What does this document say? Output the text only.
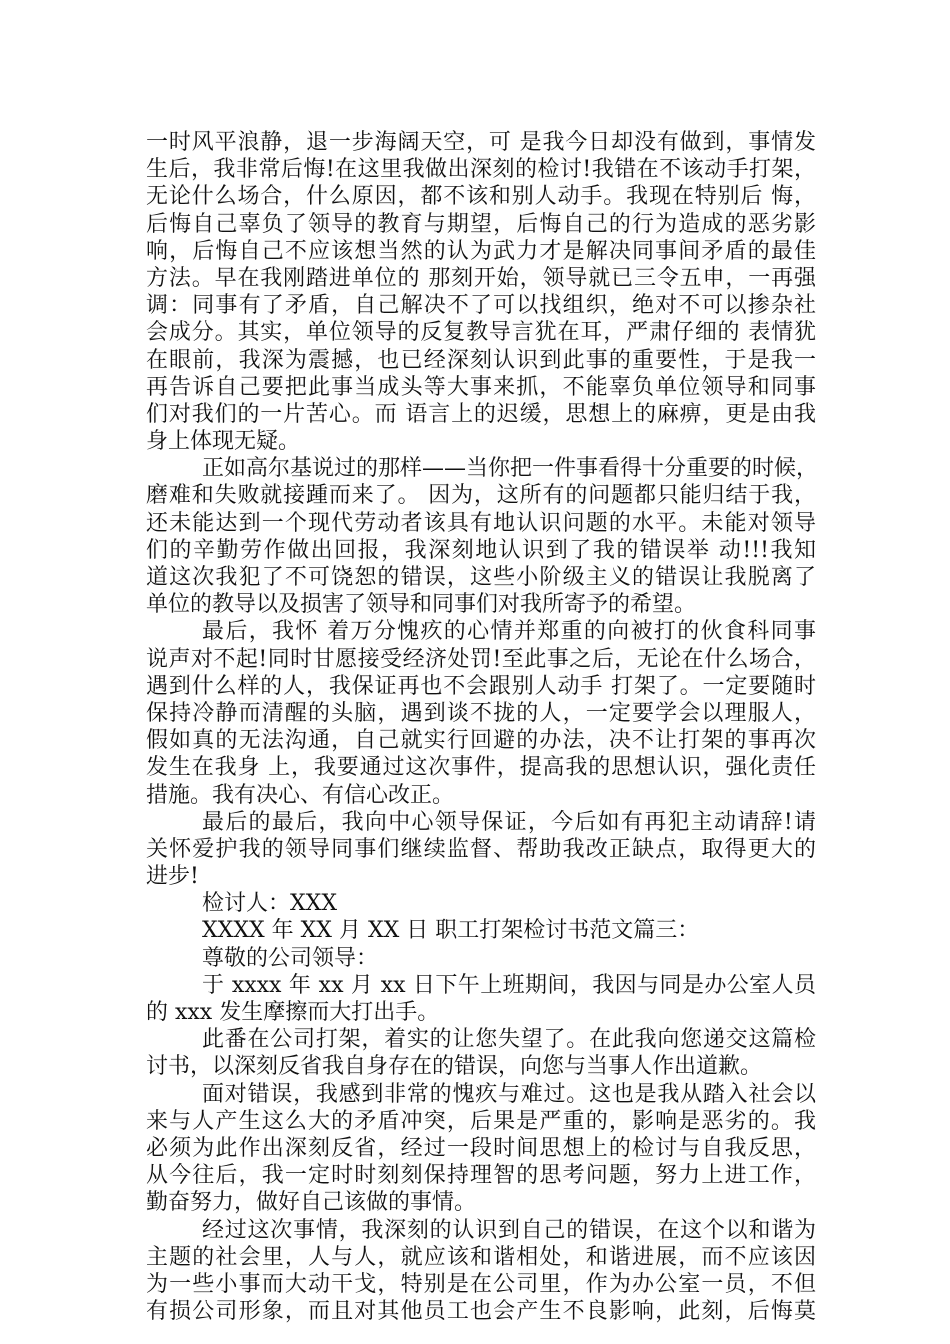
一时风平浪静，退一步海阔天空，可 是我今日却没有做到，事情发
生后，我非常后悔!在这里我做出深刻的检讨!我错在不该动手打架，
无论什么场合，什么原因，都不该和别人动手。我现在特别后 悔，
后悔自己辜负了领导的教育与期望，后悔自己的行为造成的恶劣影
响，后悔自己不应该想当然的认为武力才是解决同事间矛盾的最佳
方法。早在我刚踏进单位的 那刻开始，领导就已三令五申，一再强
调：同事有了矛盾，自己解决不了可以找组织，绝对不可以掺杂社
会成分。其实，单位领导的反复教导言犹在耳，严肃仔细的 表情犹
在眼前，我深为震撼，也已经深刻认识到此事的重要性，于是我一
再告诉自己要把此事当成头等大事来抓，不能辜负单位领导和同事
们对我们的一片苦心。而 语言上的迟缓，思想上的麻痹，更是由我
身上体现无疑。
正如高尔基说过的那样——当你把一件事看得十分重要的时候，
磨难和失败就接踵而来了。 因为，这所有的问题都只能归结于我，
还未能达到一个现代劳动者该具有地认识问题的水平。未能对领导
们的辛勤劳作做出回报，我深刻地认识到了我的错误举 动!!!我知
道这次我犯了不可饶恕的错误，这些小阶级主义的错误让我脱离了
单位的教导以及损害了领导和同事们对我所寄予的希望。
最后，我怀 着万分愧疚的心情并郑重的向被打的伙食科同事
说声对不起!同时甘愿接受经济处罚!至此事之后，无论在什么场合，
遇到什么样的人，我保证再也不会跟别人动手 打架了。一定要随时
保持冷静而清醒的头脑，遇到谈不拢的人，一定要学会以理服人，
假如真的无法沟通，自己就实行回避的办法，决不让打架的事再次
发生在我身 上，我要通过这次事件，提高我的思想认识，强化责任
措施。我有决心、有信心改正。
最后的最后，我向中心领导保证，今后如有再犯主动请辞!请
关怀爱护我的领导同事们继续监督、帮助我改正缺点，取得更大的
进步!
检讨人：XXX
XXXX 年 XX 月 XX 日 职工打架检讨书范文篇三：
尊敬的公司领导：
于 xxxx 年 xx 月 xx 日下午上班期间，我因与同是办公室人员
的 xxx 发生摩擦而大打出手。
此番在公司打架，着实的让您失望了。在此我向您递交这篇检
讨书，以深刻反省我自身存在的错误，向您与当事人作出道歉。
面对错误，我感到非常的愧疚与难过。这也是我从踏入社会以
来与人产生这么大的矛盾冲突，后果是严重的，影响是恶劣的。我
必须为此作出深刻反省，经过一段时间思想上的检讨与自我反思，
从今往后，我一定时时刻刻保持理智的思考问题，努力上进工作，
勤奋努力，做好自己该做的事情。
经过这次事情，我深刻的认识到自己的错误，在这个以和谐为
主题的社会里，人与人，就应该和谐相处，和谐进展，而不应该因
为一些小事而大动干戈，特别是在公司里，作为办公室一员，不但
有损公司形象，而且对其他员工也会产生不良影响，此刻，后悔莫
